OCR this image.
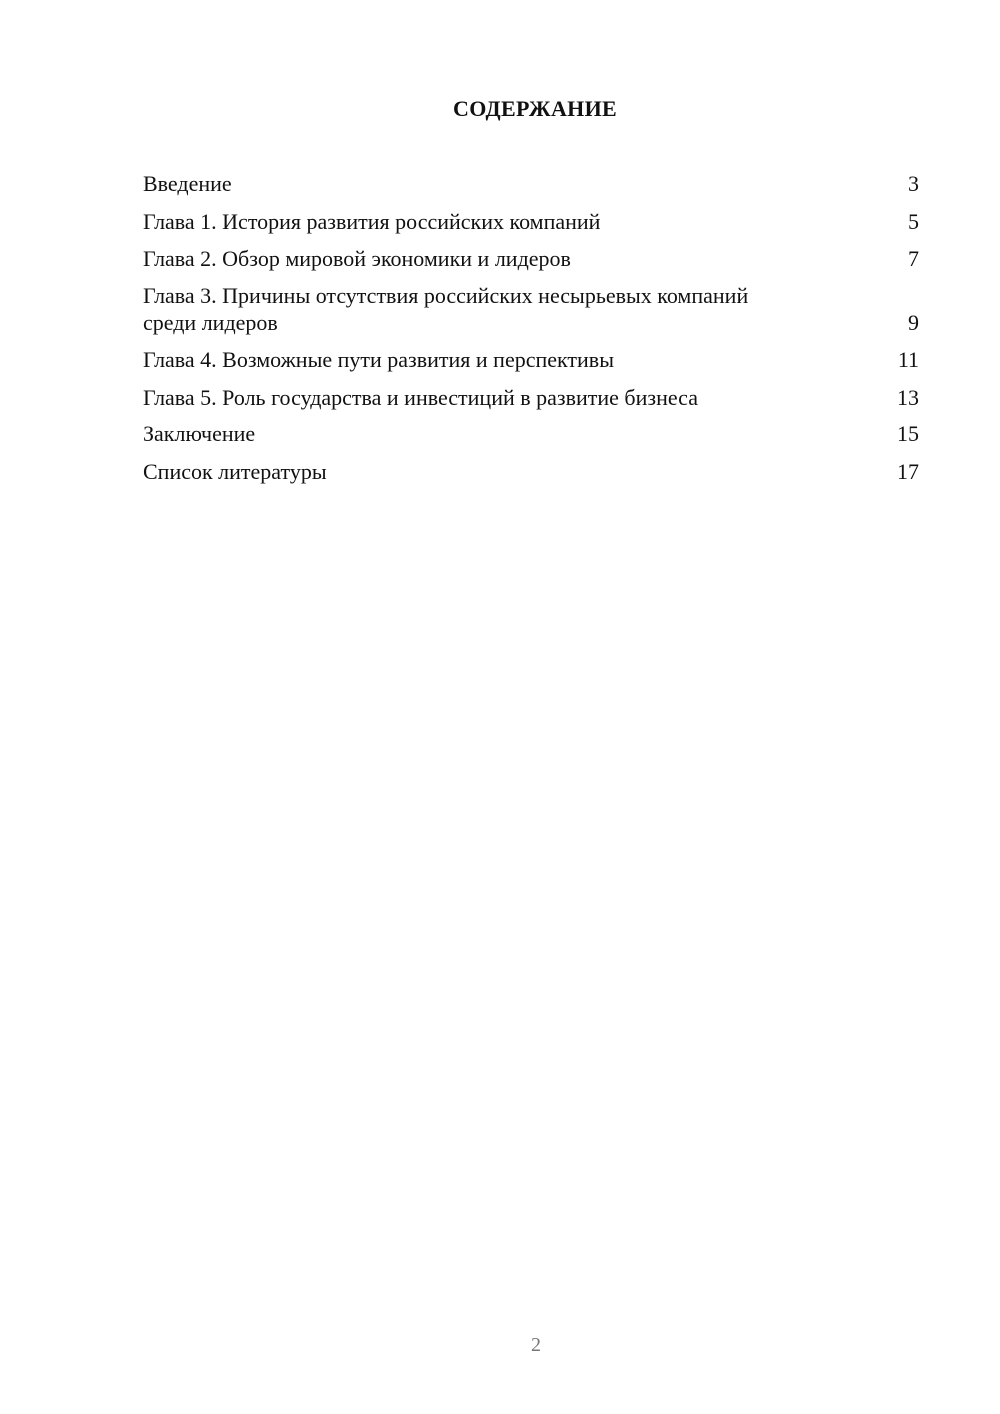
СОДЕРЖАНИЕ
Введение	3
Глава 1. История развития российских компаний	5
Глава 2. Обзор мировой экономики и лидеров	7
Глава 3. Причины отсутствия российских несырьевых компаний среди лидеров	9
Глава 4. Возможные пути развития и перспективы	11
Глава 5. Роль государства и инвестиций в развитие бизнеса	13
Заключение	15
Список литературы	17
2
